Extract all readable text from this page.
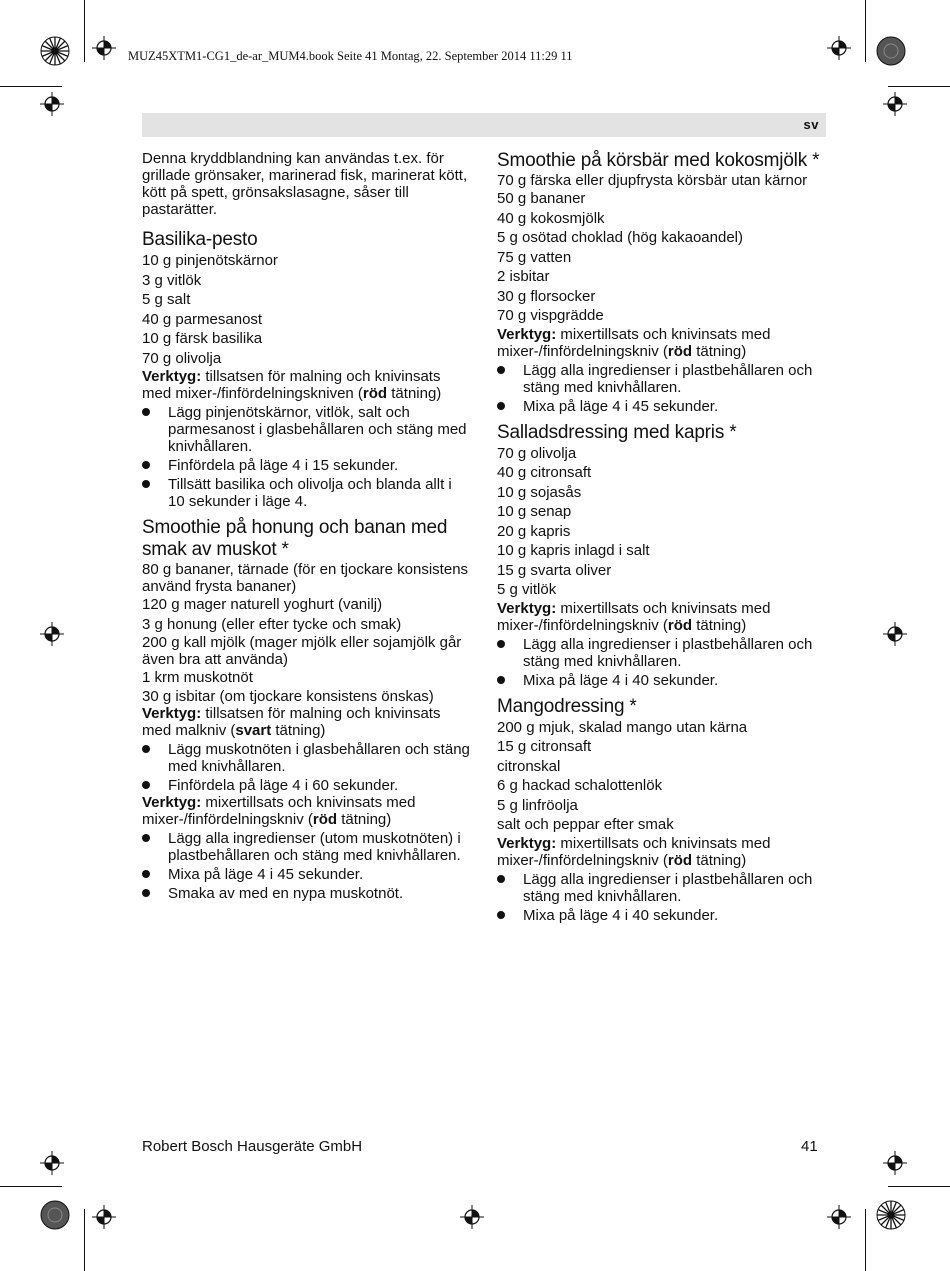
MUZ45XTM1-CG1_de-ar_MUM4.book Seite 41 Montag, 22. September 2014 11:29 11
sv

Denna kryddblandning kan användas t.ex. för grillade grönsaker, marinerad fisk, marinerat kött, kött på spett, grönsakslasagne, såser till pastarätter.

Basilika-pesto
10 g pinjenötskärnor
3 g vitlök
5 g salt
40 g parmesanost
10 g färsk basilika
70 g olivolja

Verktyg: tillsatsen för malning och knivinsats med mixer-/finfördelningskniven (röd tätning)

Lägg pinjenötskärnor, vitlök, salt och parmesanost i glasbehållaren och stäng med knivhållaren.
Finfördela på läge 4 i 15 sekunder.
Tillsätt basilika och olivolja och blanda allt i 10 sekunder i läge 4.
Smoothie på honung och banan med smak av muskot *
80 g bananer, tärnade (för en tjockare konsistens använd frysta bananer)
120 g mager naturell yoghurt (vanilj)
3 g honung (eller efter tycke och smak)
200 g kall mjölk (mager mjölk eller sojamjölk går även bra att använda)
1 krm muskotnöt
30 g isbitar (om tjockare konsistens önskas)

Verktyg: tillsatsen för malning och knivinsats med malkniv (svart tätning)

Lägg muskotnöten i glasbehållaren och stäng med knivhållaren.
Finfördela på läge 4 i 60 sekunder.

Verktyg: mixertillsats och knivinsats med mixer-/finfördelningskniv (röd tätning)

Lägg alla ingredienser (utom muskotnöten) i plastbehållaren och stäng med knivhållaren.
Mixa på läge 4 i 45 sekunder.
Smaka av med en nypa muskotnöt.
Smoothie på körsbär med kokosmjölk *
70 g färska eller djupfrysta körsbär utan kärnor
50 g bananer
40 g kokosmjölk
5 g osötad choklad (hög kakaoandel)
75 g vatten
2 isbitar
30 g florsocker
70 g vispgrädde

Verktyg: mixertillsats och knivinsats med mixer-/finfördelningskniv (röd tätning)

Lägg alla ingredienser i plastbehållaren och stäng med knivhållaren.
Mixa på läge 4 i 45 sekunder.
Salladsdressing med kapris *
70 g olivolja
40 g citronsaft
10 g sojasås
10 g senap
20 g kapris
10 g kapris inlagd i salt
15 g svarta oliver
5 g vitlök

Verktyg: mixertillsats och knivinsats med mixer-/finfördelningskniv (röd tätning)

Lägg alla ingredienser i plastbehållaren och stäng med knivhållaren.
Mixa på läge 4 i 40 sekunder.
Mangodressing *
200 g mjuk, skalad mango utan kärna
15 g citronsaft
citronskal
6 g hackad schalottenlök
5 g linfröolja
salt och peppar efter smak

Verktyg: mixertillsats och knivinsats med mixer-/finfördelningskniv (röd tätning)

Lägg alla ingredienser i plastbehållaren och stäng med knivhållaren.
Mixa på läge 4 i 40 sekunder.
Robert Bosch Hausgeräte GmbH	41
